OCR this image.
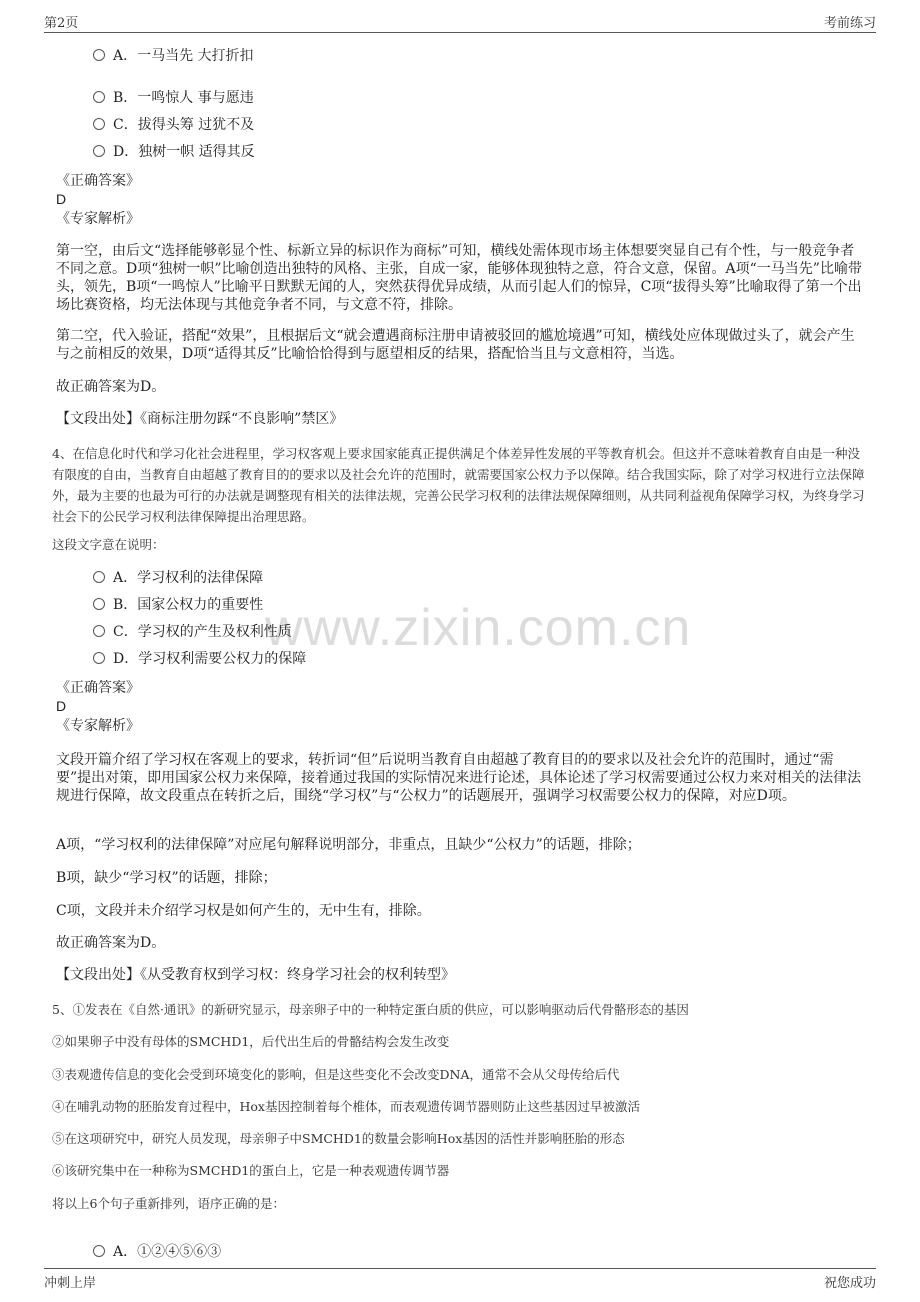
第2页	考前练习
www.zixin.com.cn
A．一马当先 大打折扣
B．一鸣惊人 事与愿违
C．拔得头筹 过犹不及
D．独树一帜 适得其反
《正确答案》
D
《专家解析》
第一空，由后文“选择能够彰显个性、标新立异的标识作为商标”可知，横线处需体现市场主体想要突显自己有个性，与一般竞争者不同之意。D项“独树一帜”比喻创造出独特的风格、主张，自成一家，能够体现独特之意，符合文意，保留。A项“一马当先”比喻带头，领先，B项“一鸣惊人”比喻平日默默无闻的人，突然获得优异成绩，从而引起人们的惊异，C项“拔得头筹”比喻取得了第一个出场比赛资格，均无法体现与其他竞争者不同，与文意不符，排除。
第二空，代入验证，搭配“效果”，且根据后文“就会遭遇商标注册申请被驳回的尴尬境遇”可知，横线处应体现做过头了，就会产生与之前相反的效果，D项“适得其反”比喻恰恰得到与愿望相反的结果，搭配恰当且与文意相符，当选。
故正确答案为D。
【文段出处】《商标注册勿踩“不良影响”禁区》
4、在信息化时代和学习化社会进程里，学习权客观上要求国家能真正提供满足个体差异性发展的平等教育机会。但这并不意味着教育自由是一种没有限度的自由，当教育自由超越了教育目的的要求以及社会允许的范围时，就需要国家公权力予以保障。结合我国实际，除了对学习权进行立法保障外，最为主要的也最为可行的办法就是调整现有相关的法律法规，完善公民学习权利的法律法规保障细则，从共同利益视角保障学习权，为终身学习社会下的公民学习权利法律保障提出治理思路。
这段文字意在说明：
A．学习权利的法律保障
B．国家公权力的重要性
C．学习权的产生及权利性质
D．学习权利需要公权力的保障
《正确答案》
D
《专家解析》
文段开篇介绍了学习权在客观上的要求，转折词“但”后说明当教育自由超越了教育目的的要求以及社会允许的范围时，通过“需要”提出对策，即用国家公权力来保障，接着通过我国的实际情况来进行论述，具体论述了学习权需要通过公权力来对相关的法律法规进行保障，故文段重点在转折之后，围绕“学习权”与“公权力”的话题展开，强调学习权需要公权力的保障，对应D项。
A项，“学习权利的法律保障”对应尾句解释说明部分，非重点，且缺少“公权力”的话题，排除；
B项，缺少“学习权”的话题，排除；
C项，文段并未介绍学习权是如何产生的，无中生有，排除。
故正确答案为D。
【文段出处】《从受教育权到学习权：终身学习社会的权利转型》
5、①发表在《自然·通讯》的新研究显示，母亲卵子中的一种特定蛋白质的供应，可以影响驱动后代骨骼形态的基因
②如果卵子中没有母体的SMCHD1，后代出生后的骨骼结构会发生改变
③表观遗传信息的变化会受到环境变化的影响，但是这些变化不会改变DNA，通常不会从父母传给后代
④在哺乳动物的胚胎发育过程中，Hox基因控制着每个椎体，而表观遗传调节器则防止这些基因过早被激活
⑤在这项研究中，研究人员发现，母亲卵子中SMCHD1的数量会影响Hox基因的活性并影响胚胎的形态
⑥该研究集中在一种称为SMCHD1的蛋白上，它是一种表观遗传调节器
将以上6个句子重新排列，语序正确的是：
A．①②④⑤⑥③
冲刺上岸	祝您成功
